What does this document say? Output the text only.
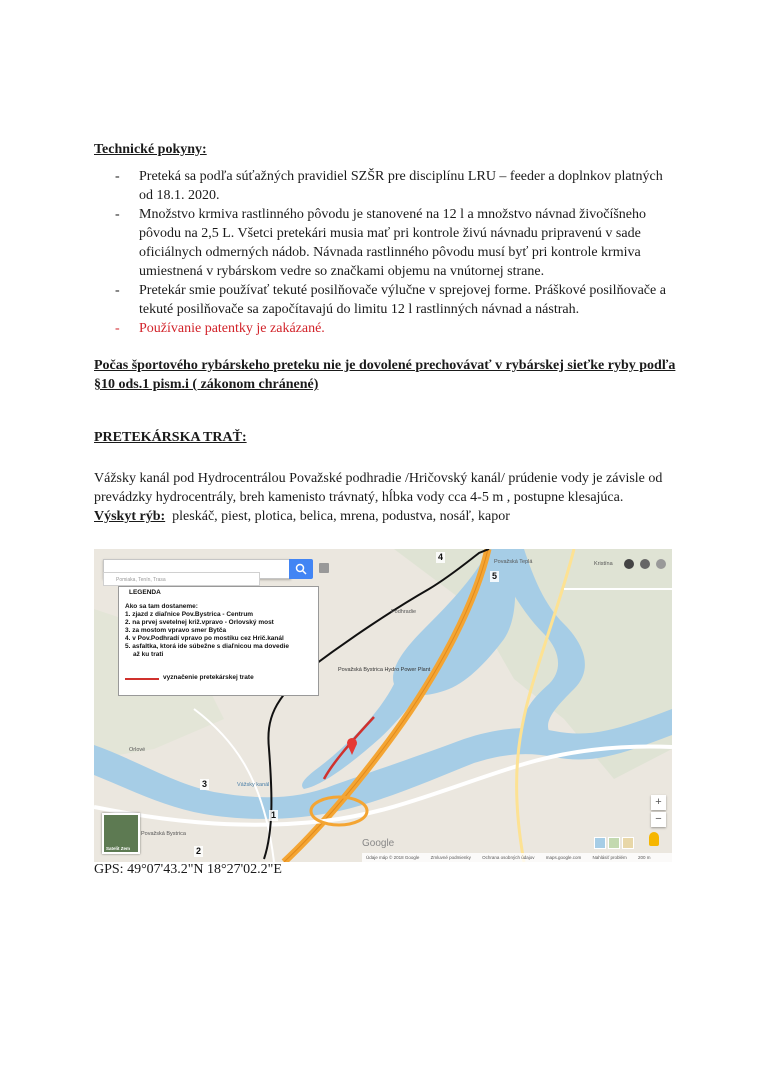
Technické pokyny:

- Preteká sa podľa súťažných pravidiel SZŠR pre disciplínu LRU – feeder a doplnkov platných od 18.1. 2020.
- Množstvo krmiva rastlinného pôvodu je stanovené na 12 l a množstvo návnad živočíšneho pôvodu na 2,5 L. Všetci pretekári musia mať pri kontrole živú návnadu pripravenú v sade oficiálnych odmerných nádob. Návnada rastlinného pôvodu musí byť pri kontrole krmiva umiestnená v rybárskom vedre so značkami objemu na vnútornej strane.
- Pretekár smie používať tekuté posilňovače výlučne v sprejovej forme. Práškové posilňovače a tekuté posilňovače sa započítavajú do limitu 12 l rastlinných návnad a nástrah.
- Používanie patentky je zakázané.

Počas športového rybárskeho preteku nie je dovolené prechovávať v rybárskej sieťke ryby podľa §10 ods.1 pism.i ( zákonom chránené)

PRETEKÁRSKA TRAŤ:

Vážsky kanál pod Hydrocentrálou Považské podhradie /Hričovský kanál/ prúdenie vody je závisle od prevádzky hydrocentrály, breh kamenisto trávnatý, hĺbka vody cca 4-5 m , postupne klesajúca.

Výskyt rýb: pleskáč, piest, plotica, belica, mrena, podustva, nosáľ, kapor

Pomiaka, Tenín, Trasa
LEGENDA
Ako sa tam dostaneme:
1. zjazd z diaľnice Pov.Bystrica - Centrum
2. na prvej svetelnej križ.vpravo - Orlovský most
3. za mostom vpravo smer Bytča
4. v Pov.Podhradí vpravo po mostíku cez Hrič.kanál
5. asfaltka, ktorá ide súbežne s diaľnicou ma dovedie
až ku trati
vyznačenie pretekárskej trate
4
5
3
1
2
Považská Teplá	Kristína
Považská Bystrica Hydro Power Plant
Vážsky kanál
Orlové
Považská Bystrica
Podhradie
Satelit Zem
+
−
Google
Údaje máp © 2018 Google	Zmluvné podmienky	Ochrana osobných údajov	maps.google.com	Nahlásiť problém	200 m
GPS: 49°07'43.2"N 18°27'02.2"E
